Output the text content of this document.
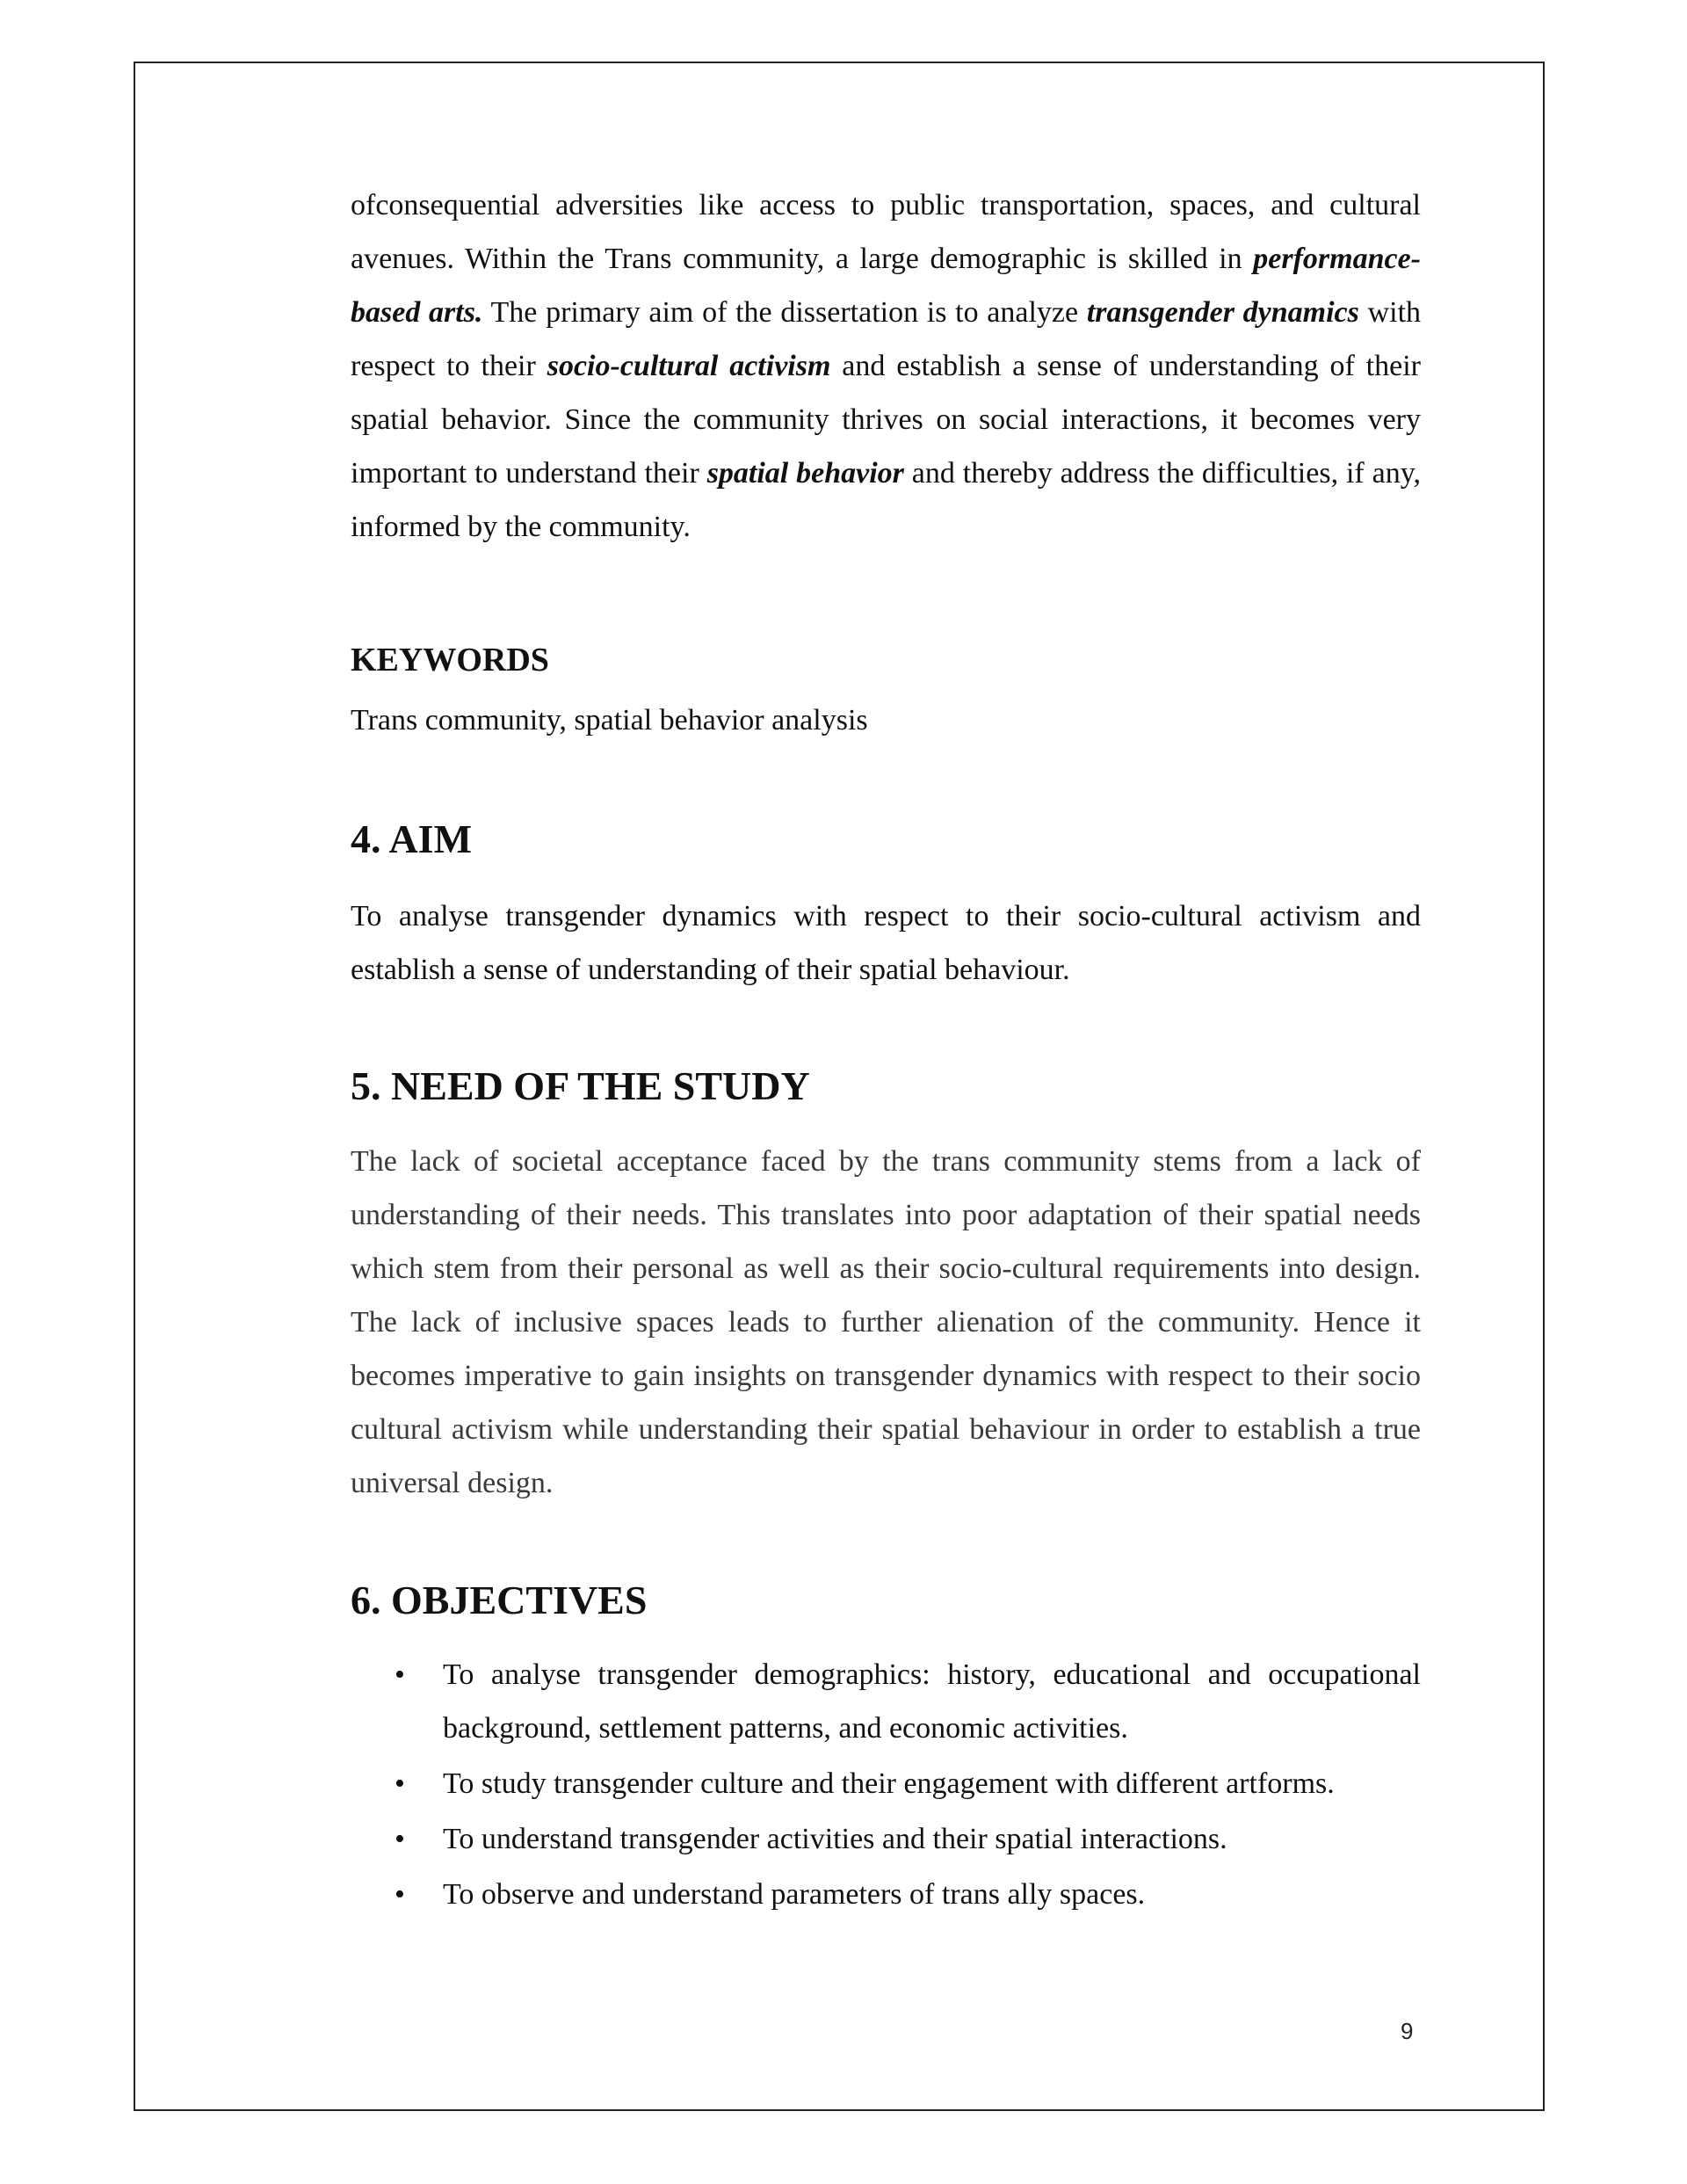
ofconsequential adversities like access to public transportation, spaces, and cultural avenues. Within the Trans community, a large demographic is skilled in performance-based arts. The primary aim of the dissertation is to analyze transgender dynamics with respect to their socio-cultural activism and establish a sense of understanding of their spatial behavior. Since the community thrives on social interactions, it becomes very important to understand their spatial behavior and thereby address the difficulties, if any, informed by the community.

KEYWORDS

Trans community, spatial behavior analysis

4. AIM

To analyse transgender dynamics with respect to their socio-cultural activism and establish a sense of understanding of their spatial behaviour.

5. NEED OF THE STUDY

The lack of societal acceptance faced by the trans community stems from a lack of understanding of their needs. This translates into poor adaptation of their spatial needs which stem from their personal as well as their socio-cultural requirements into design. The lack of inclusive spaces leads to further alienation of the community. Hence it becomes imperative to gain insights on transgender dynamics with respect to their socio cultural activism while understanding their spatial behaviour in order to establish a true universal design.

6. OBJECTIVES
• To analyse transgender demographics: history, educational and occupational background, settlement patterns, and economic activities.
• To study transgender culture and their engagement with different artforms.
• To understand transgender activities and their spatial interactions.
• To observe and understand parameters of trans ally spaces.
9
